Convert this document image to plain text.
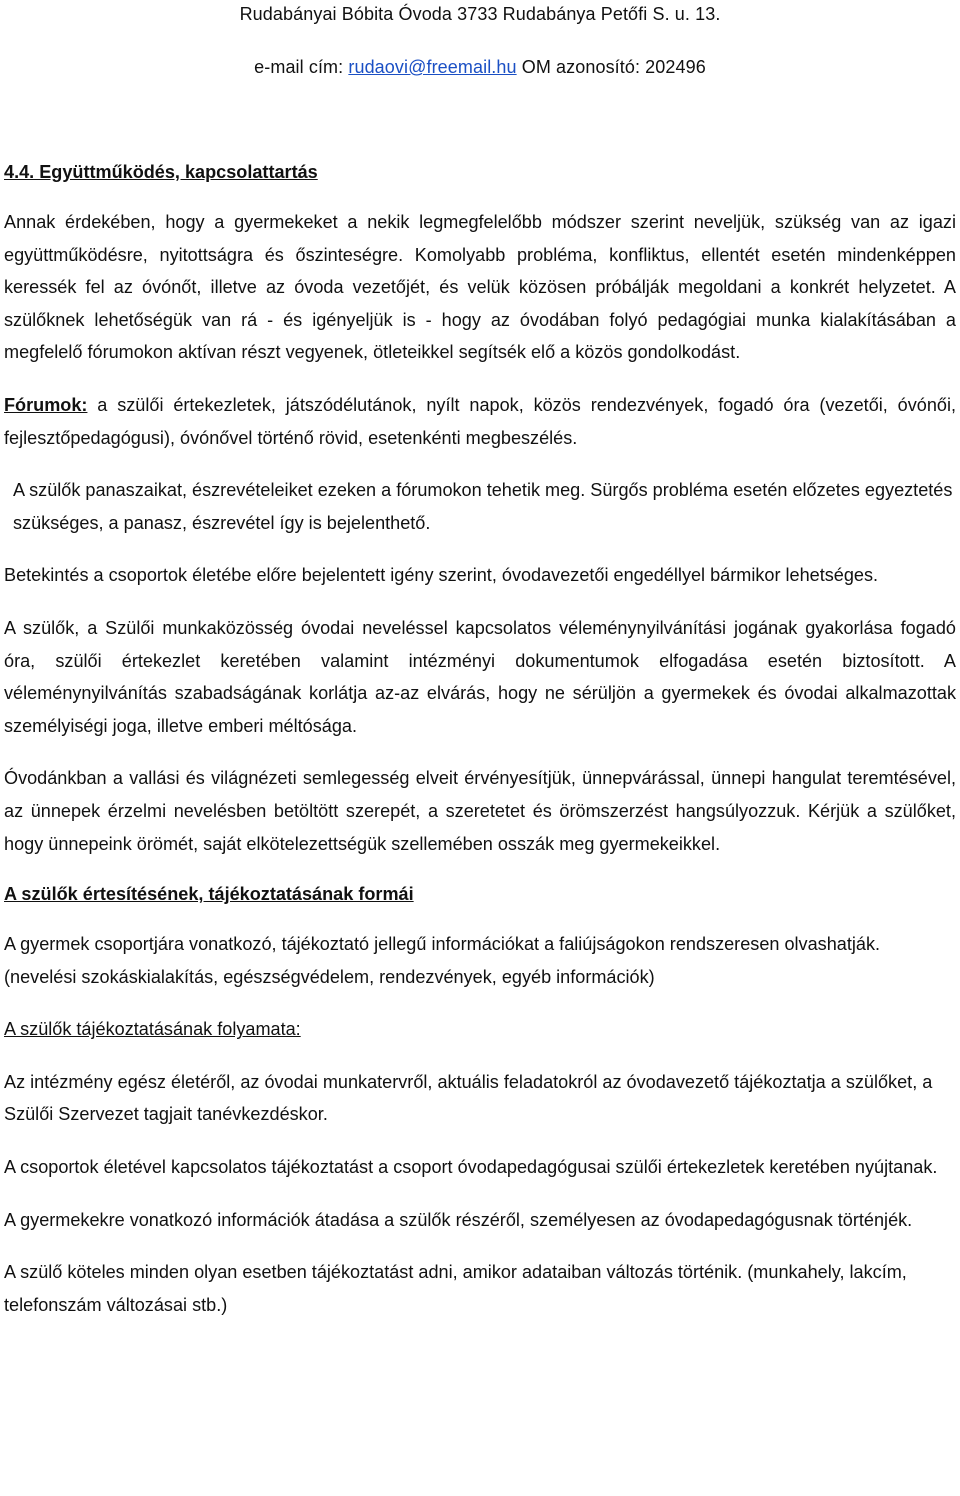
Rudabányai Bóbita Óvoda 3733 Rudabánya Petőfi S. u. 13.
e-mail cím: rudaovi@freemail.hu OM azonosító: 202496
4.4. Együttműködés, kapcsolattartás

Annak érdekében, hogy a gyermekeket a nekik legmegfelelőbb módszer szerint neveljük, szükség van az igazi együttműködésre, nyitottságra és őszinteségre. Komolyabb probléma, konfliktus, ellentét esetén mindenképpen keressék fel az óvónőt, illetve az óvoda vezetőjét, és velük közösen próbálják megoldani a konkrét helyzetet. A szülőknek lehetőségük van rá - és igényeljük is - hogy az óvodában folyó pedagógiai munka kialakításában a megfelelő fórumokon aktívan részt vegyenek, ötleteikkel segítsék elő a közös gondolkodást.

Fórumok: a szülői értekezletek, játszódélutánok, nyílt napok, közös rendezvények, fogadó óra (vezetői, óvónői, fejlesztőpedagógusi), óvónővel történő rövid, esetenkénti megbeszélés.

A szülők panaszaikat, észrevételeiket ezeken a fórumokon tehetik meg. Sürgős probléma esetén előzetes egyeztetés szükséges, a panasz, észrevétel így is bejelenthető.

Betekintés a csoportok életébe előre bejelentett igény szerint, óvodavezetői engedéllyel bármikor lehetséges.

A szülők, a Szülői munkaközösség óvodai neveléssel kapcsolatos véleménynyilvánítási jogának gyakorlása fogadó óra, szülői értekezlet keretében valamint intézményi dokumentumok elfogadása esetén biztosított. A véleménynyilvánítás szabadságának korlátja az-az elvárás, hogy ne sérüljön a gyermekek és óvodai alkalmazottak személyiségi joga, illetve emberi méltósága.

Óvodánkban a vallási és világnézeti semlegesség elveit érvényesítjük, ünnepvárással, ünnepi hangulat teremtésével, az ünnepek érzelmi nevelésben betöltött szerepét, a szeretetet és örömszerzést hangsúlyozzuk. Kérjük a szülőket, hogy ünnepeink örömét, saját elkötelezettségük szellemében osszák meg gyermekeikkel.

A szülők értesítésének, tájékoztatásának formái

A gyermek csoportjára vonatkozó, tájékoztató jellegű információkat a faliújságokon rendszeresen olvashatják. (nevelési szokáskialakítás, egészségvédelem, rendezvények, egyéb információk)

A szülők tájékoztatásának folyamata:

Az intézmény egész életéről, az óvodai munkatervről, aktuális feladatokról az óvodavezető tájékoztatja a szülőket, a Szülői Szervezet tagjait tanévkezdéskor.

A csoportok életével kapcsolatos tájékoztatást a csoport óvodapedagógusai szülői értekezletek keretében nyújtanak.

A gyermekekre vonatkozó információk átadása a szülők részéről, személyesen az óvodapedagógusnak történjék.

A szülő köteles minden olyan esetben tájékoztatást adni, amikor adataiban változás történik. (munkahely, lakcím, telefonszám változásai stb.)
